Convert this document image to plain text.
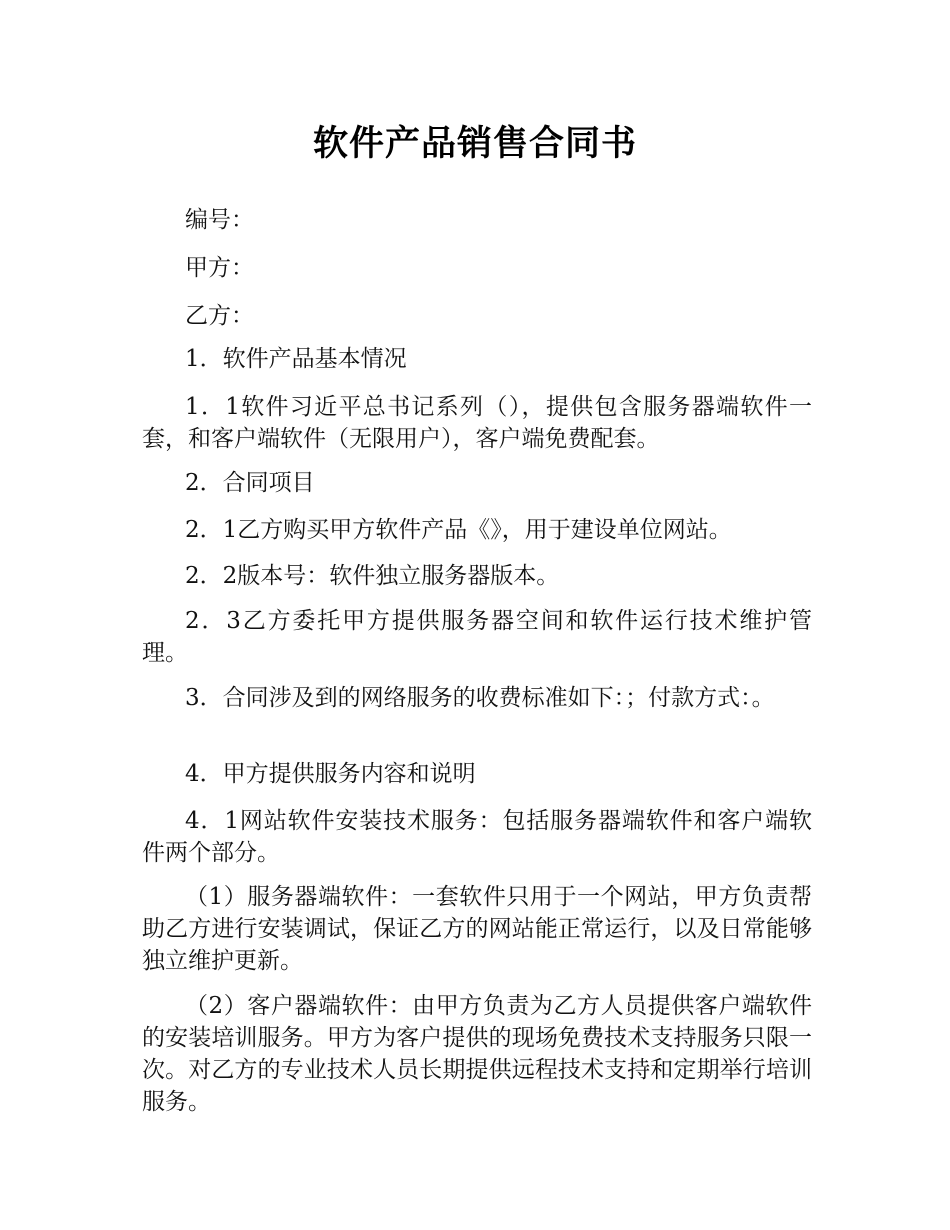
软件产品销售合同书

编号：

甲方：

乙方：

1．软件产品基本情况

1．1软件习近平总书记系列（），提供包含服务器端软件一套，和客户端软件（无限用户），客户端免费配套。

2．合同项目

2．1乙方购买甲方软件产品《》，用于建设单位网站。

2．2版本号：软件独立服务器版本。

2．3乙方委托甲方提供服务器空间和软件运行技术维护管理。

3．合同涉及到的网络服务的收费标准如下：；付款方式：。

4．甲方提供服务内容和说明

4．1网站软件安装技术服务：包括服务器端软件和客户端软件两个部分。

（1）服务器端软件：一套软件只用于一个网站，甲方负责帮助乙方进行安装调试，保证乙方的网站能正常运行，以及日常能够独立维护更新。

（2）客户器端软件：由甲方负责为乙方人员提供客户端软件的安装培训服务。甲方为客户提供的现场免费技术支持服务只限一次。对乙方的专业技术人员长期提供远程技术支持和定期举行培训服务。
